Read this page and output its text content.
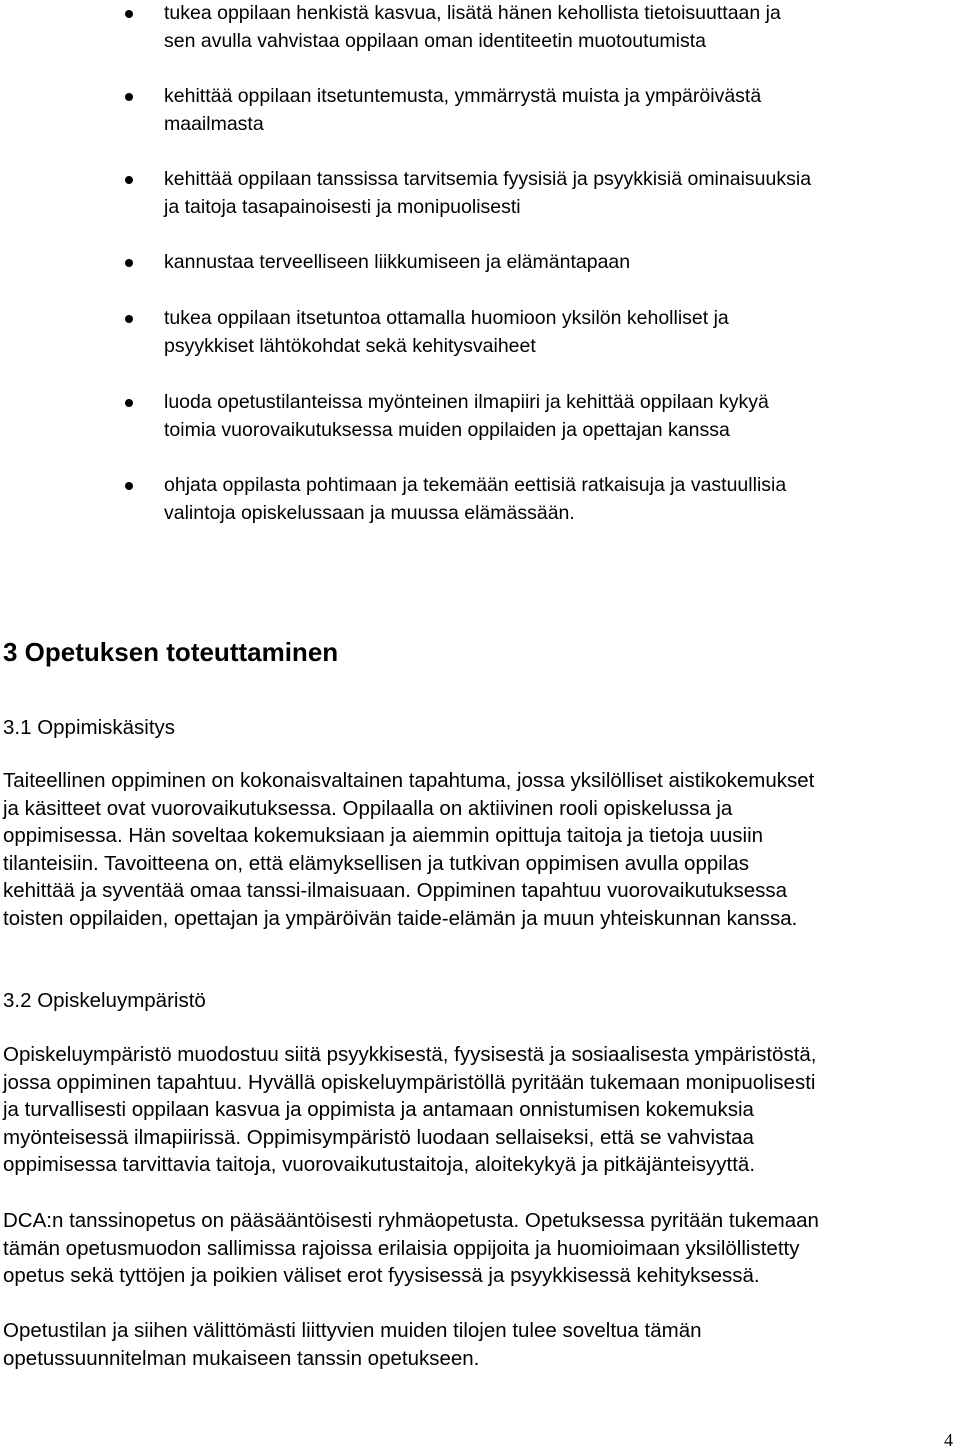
tukea oppilaan henkistä kasvua, lisätä hänen kehollista tietoisuuttaan ja
sen avulla vahvistaa oppilaan oman identiteetin muotoutumista
kehittää oppilaan itsetuntemusta, ymmärrystä muista ja ympäröivästä
maailmasta
kehittää oppilaan tanssissa tarvitsemia fyysisiä ja psyykkisiä ominaisuuksia
ja taitoja tasapainoisesti ja monipuolisesti
kannustaa terveelliseen liikkumiseen ja elämäntapaan
tukea oppilaan itsetuntoa ottamalla huomioon yksilön keholliset ja
psyykkiset lähtökohdat sekä kehitysvaiheet
luoda opetustilanteissa myönteinen ilmapiiri ja kehittää oppilaan kykyä
toimia vuorovaikutuksessa muiden oppilaiden ja opettajan kanssa
ohjata oppilasta pohtimaan ja tekemään eettisiä ratkaisuja ja vastuullisia
valintoja opiskelussaan ja muussa elämässään.
3 Opetuksen toteuttaminen
3.1 Oppimiskäsitys
Taiteellinen oppiminen on kokonaisvaltainen tapahtuma, jossa yksilölliset aistikokemukset
ja käsitteet ovat vuorovaikutuksessa. Oppilaalla on aktiivinen rooli opiskelussa ja
oppimisessa. Hän soveltaa kokemuksiaan ja aiemmin opittuja taitoja ja tietoja uusiin
tilanteisiin. Tavoitteena on, että elämyksellisen ja tutkivan oppimisen avulla oppilas
kehittää ja syventää omaa tanssi-ilmaisuaan. Oppiminen tapahtuu vuorovaikutuksessa
toisten oppilaiden, opettajan ja ympäröivän taide-elämän ja muun yhteiskunnan kanssa.
3.2 Opiskeluympäristö
Opiskeluympäristö muodostuu siitä psyykkisestä, fyysisestä ja sosiaalisesta ympäristöstä,
jossa oppiminen tapahtuu. Hyvällä opiskeluympäristöllä pyritään tukemaan monipuolisesti
ja turvallisesti oppilaan kasvua ja oppimista ja antamaan onnistumisen kokemuksia
myönteisessä ilmapiirissä. Oppimisympäristö luodaan sellaiseksi, että se vahvistaa
oppimisessa tarvittavia taitoja, vuorovaikutustaitoja, aloitekykyä ja pitkäjänteisyyttä.
DCA:n tanssinopetus on pääsääntöisesti ryhmäopetusta. Opetuksessa pyritään tukemaan
tämän opetusmuodon sallimissa rajoissa erilaisia oppijoita ja huomioimaan yksilöllistetty
opetus sekä tyttöjen ja poikien väliset erot fyysisessä ja psyykkisessä kehityksessä.
Opetustilan ja siihen välittömästi liittyvien muiden tilojen tulee soveltua tämän
opetussuunnitelman mukaiseen tanssin opetukseen.
4
